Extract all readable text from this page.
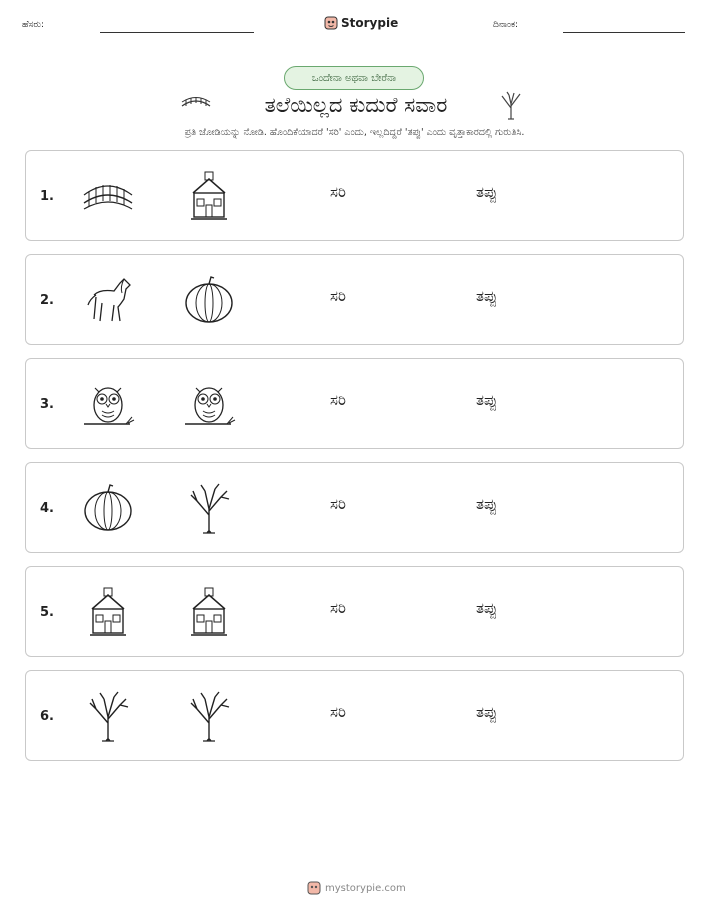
ಹೆಸರು:	Storypie	ದಿನಾಂಕ:
ಒಂದೇನಾ ಅಥವಾ ಬೇರೆನಾ
ತಲೆಯಿಲ್ಲದ ಕುದುರೆ ಸವಾರ
ಪ್ರತಿ ಜೋಡಿಯನ್ನು ನೋಡಿ. ಹೊಂದಿಕೆಯಾದರೆ 'ಸರಿ' ಎಂದು, ಇಲ್ಲದಿದ್ದರೆ 'ತಪ್ಪು' ಎಂದು ವೃತ್ತಾಕಾರದಲ್ಲಿ ಗುರುತಿಸಿ.
1.	ಸರಿ	ತಪ್ಪು
2.	ಸರಿ	ತಪ್ಪು
3.	ಸರಿ	ತಪ್ಪು
4.	ಸರಿ	ತಪ್ಪು
5.	ಸರಿ	ತಪ್ಪು
6.	ಸರಿ	ತಪ್ಪು
mystorypie.com
